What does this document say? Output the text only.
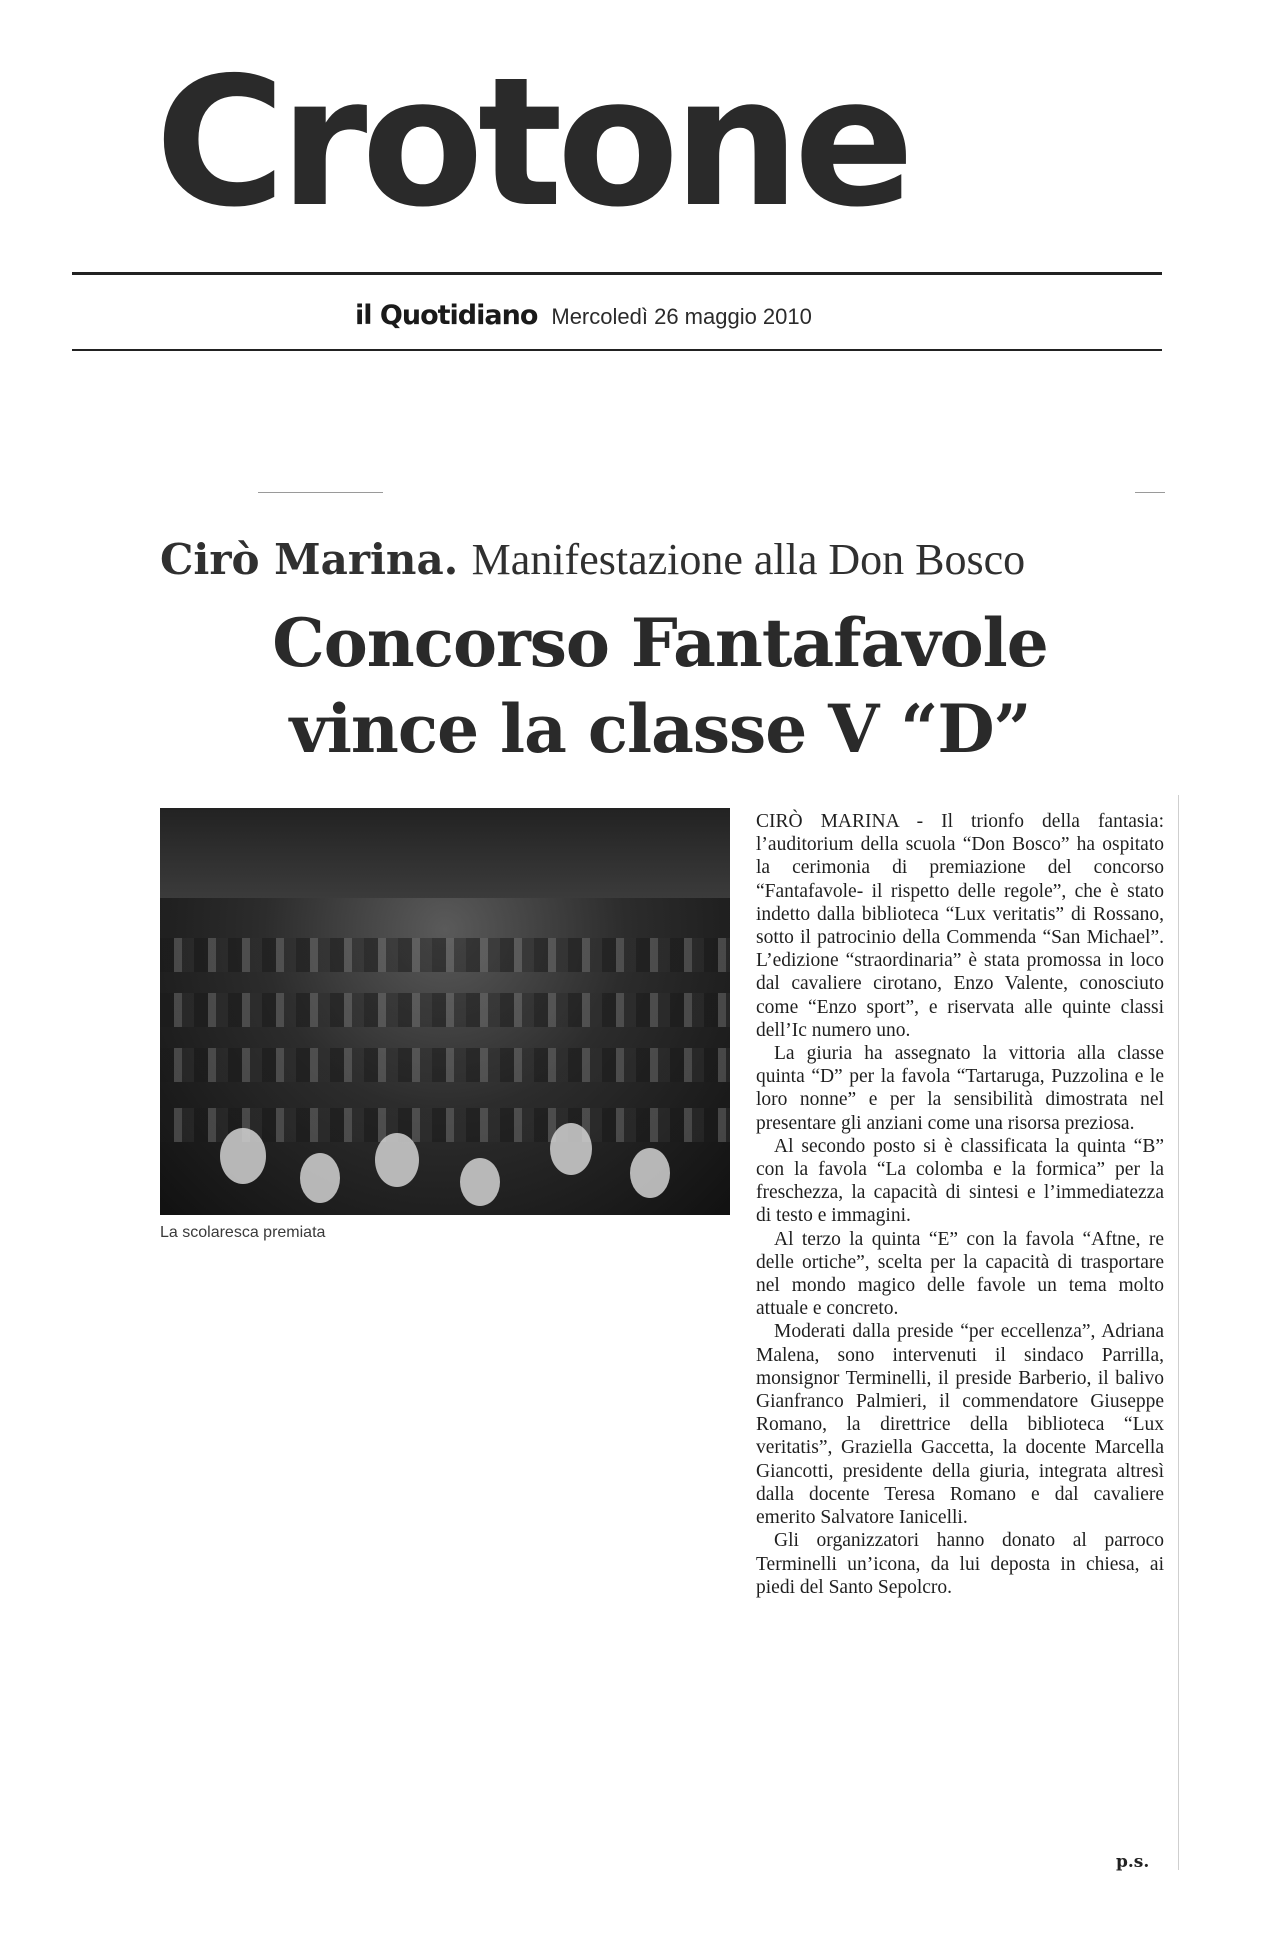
Crotone
il Quotidiano Mercoledì 26 maggio 2010
Cirò Marina. Manifestazione alla Don Bosco
Concorso Fantafavole
vince la classe V “D”
La scolaresca premiata

CIRÒ MARINA - Il trionfo della fantasia: l’auditorium della scuola “Don Bosco” ha ospitato la cerimonia di premiazione del concorso “Fantafavole- il rispetto delle regole”, che è stato indetto dalla biblioteca “Lux veritatis” di Rossano, sotto il patrocinio della Commenda “San Michael”. L’edizione “straordinaria” è stata promossa in loco dal cavaliere cirotano, Enzo Valente, conosciuto come “Enzo sport”, e riservata alle quinte classi dell’Ic numero uno.

La giuria ha assegnato la vittoria alla classe quinta “D” per la favola “Tartaruga, Puzzolina e le loro nonne” e per la sensibilità dimostrata nel presentare gli anziani come una risorsa preziosa.

Al secondo posto si è classificata la quinta “B” con la favola “La colomba e la formica” per la freschezza, la capacità di sintesi e l’immediatezza di testo e immagini.

Al terzo la quinta “E” con la favola “Aftne, re delle ortiche”, scelta per la capacità di trasportare nel mondo magico delle favole un tema molto attuale e concreto.

Moderati dalla preside “per eccellenza”, Adriana Malena, sono intervenuti il sindaco Parrilla, monsignor Terminelli, il preside Barberio, il balivo Gianfranco Palmieri, il commendatore Giuseppe Romano, la direttrice della biblioteca “Lux veritatis”, Graziella Gaccetta, la docente Marcella Giancotti, presidente della giuria, integrata altresì dalla docente Teresa Romano e dal cavaliere emerito Salvatore Ianicelli.

Gli organizzatori hanno donato al parroco Terminelli un’icona, da lui deposta in chiesa, ai piedi del Santo Sepolcro.

p.s.
